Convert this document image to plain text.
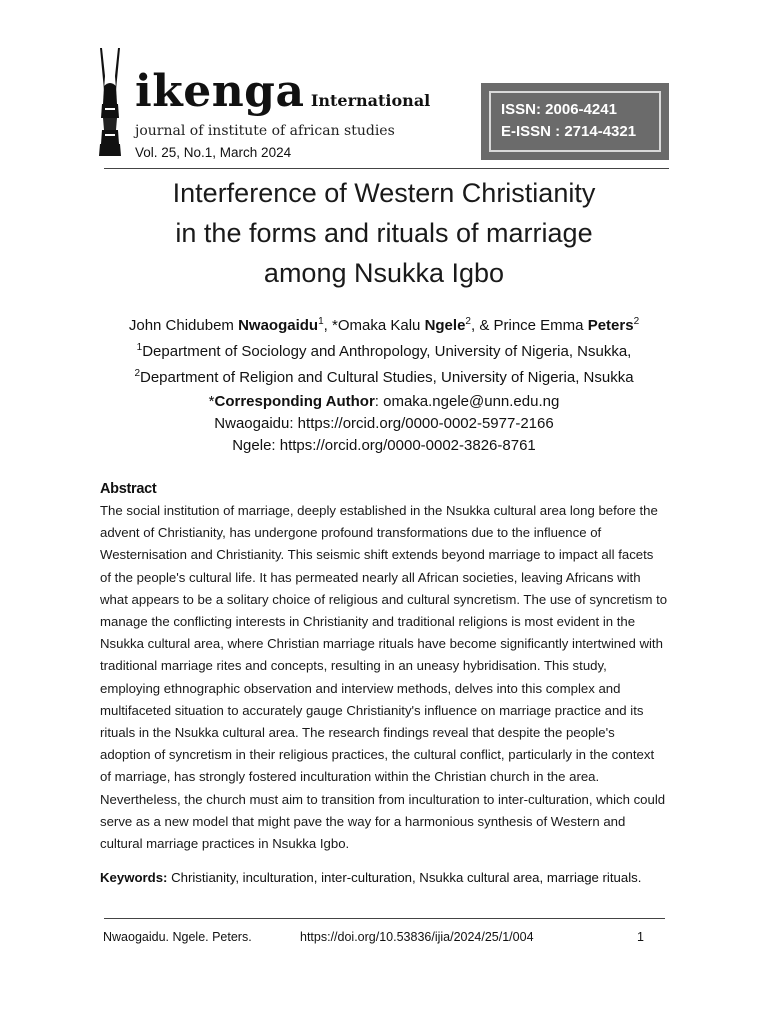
ikenga International
journal of institute of african studies
Vol. 25, No.1, March 2024
ISSN: 2006-4241
E-ISSN : 2714-4321
Interference of Western Christianity
in the forms and rituals of marriage
among Nsukka Igbo
John Chidubem Nwaogaidu$^1$, *Omaka Kalu Ngele$^2$, & Prince Emma Peters$^2$
$^1$Department of Sociology and Anthropology, University of Nigeria, Nsukka,
$^2$Department of Religion and Cultural Studies, University of Nigeria, Nsukka
*Corresponding Author: omaka.ngele@unn.edu.ng
Nwaogaidu: https://orcid.org/0000-0002-5977-2166
Ngele: https://orcid.org/0000-0002-3826-8761
Abstract
The social institution of marriage, deeply established in the Nsukka cultural area long before the advent of Christianity, has undergone profound transformations due to the influence of Westernisation and Christianity. This seismic shift extends beyond marriage to impact all facets of the people's cultural life. It has permeated nearly all African societies, leaving Africans with what appears to be a solitary choice of religious and cultural syncretism. The use of syncretism to manage the conflicting interests in Christianity and traditional religions is most evident in the Nsukka cultural area, where Christian marriage rituals have become significantly intertwined with traditional marriage rites and concepts, resulting in an uneasy hybridisation. This study, employing ethnographic observation and interview methods, delves into this complex and multifaceted situation to accurately gauge Christianity's influence on marriage practice and its rituals in the Nsukka cultural area. The research findings reveal that despite the people's adoption of syncretism in their religious practices, the cultural conflict, particularly in the context of marriage, has strongly fostered inculturation within the Christian church in the area. Nevertheless, the church must aim to transition from inculturation to inter-culturation, which could serve as a new model that might pave the way for a harmonious synthesis of Western and cultural marriage practices in Nsukka Igbo.
Keywords: Christianity, inculturation, inter-culturation, Nsukka cultural area, marriage rituals.
Nwaogaidu. Ngele. Peters.	https://doi.org/10.53836/ijia/2024/25/1/004	1
